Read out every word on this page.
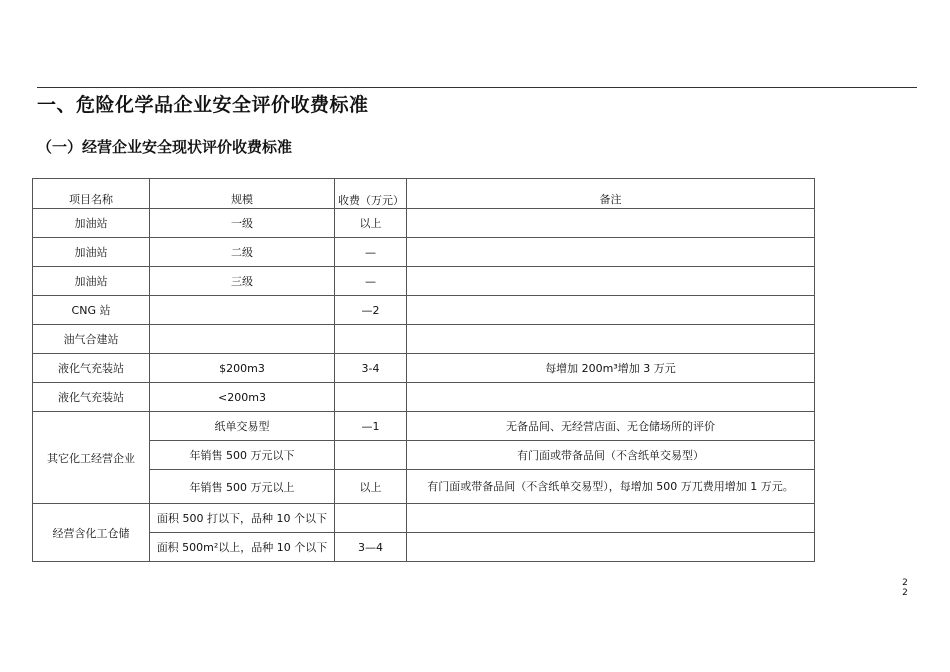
一、危险化学品企业安全评价收费标准
（一）经营企业安全现状评价收费标准
项目名称	规模	收费（万元）	备注
加油站	一级	以上	
加油站	二级	—	
加油站	三级	—	
CNG 站		—2	
油气合建站			
液化气充装站	$200m3	3-4	每增加 200m³增加 3 万元
液化气充装站	<200m3		
其它化工经营企业	纸单交易型	—1	无备品间、无经营店面、无仓储场所的评价
	年销售 500 万元以下		有门面或带备品间（不含纸单交易型）
	年销售 500 万元以上	以上	有门面或带备品间（不含纸单交易型），每增加 500 万兀费用增加 1 万元。
经营含化工仓储	面积 500 打以下，品种 10 个以下		
	面积 500m²以上，品种 10 个以下	3—4	
2
2
